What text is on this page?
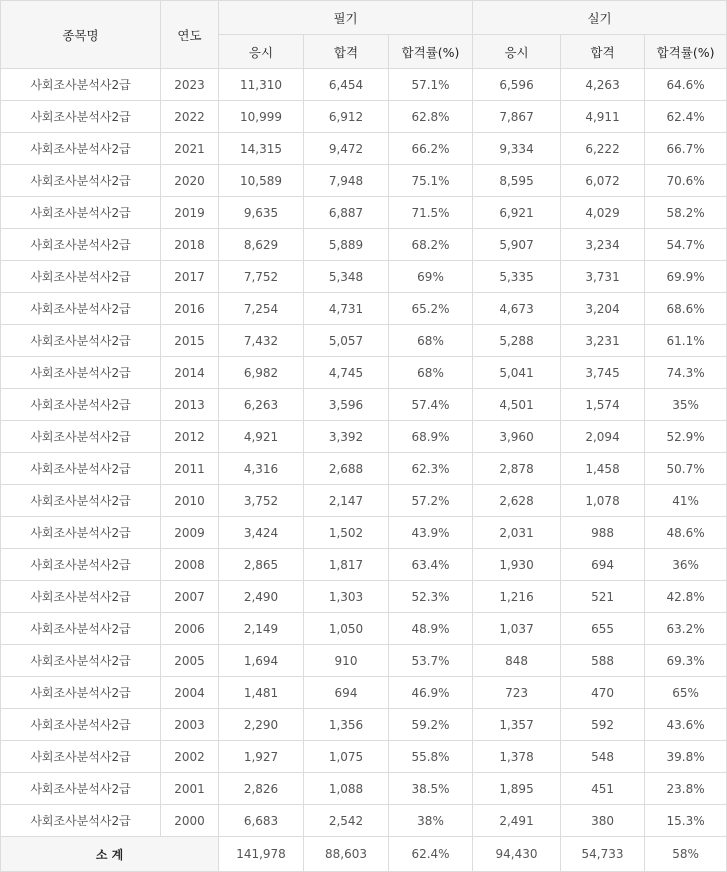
종목명	연도	필기			실기		
		응시	합격	합격률(%)	응시	합격	합격률(%)
사회조사분석사2급	2023	11,310	6,454	57.1%	6,596	4,263	64.6%
사회조사분석사2급	2022	10,999	6,912	62.8%	7,867	4,911	62.4%
사회조사분석사2급	2021	14,315	9,472	66.2%	9,334	6,222	66.7%
사회조사분석사2급	2020	10,589	7,948	75.1%	8,595	6,072	70.6%
사회조사분석사2급	2019	9,635	6,887	71.5%	6,921	4,029	58.2%
사회조사분석사2급	2018	8,629	5,889	68.2%	5,907	3,234	54.7%
사회조사분석사2급	2017	7,752	5,348	69%	5,335	3,731	69.9%
사회조사분석사2급	2016	7,254	4,731	65.2%	4,673	3,204	68.6%
사회조사분석사2급	2015	7,432	5,057	68%	5,288	3,231	61.1%
사회조사분석사2급	2014	6,982	4,745	68%	5,041	3,745	74.3%
사회조사분석사2급	2013	6,263	3,596	57.4%	4,501	1,574	35%
사회조사분석사2급	2012	4,921	3,392	68.9%	3,960	2,094	52.9%
사회조사분석사2급	2011	4,316	2,688	62.3%	2,878	1,458	50.7%
사회조사분석사2급	2010	3,752	2,147	57.2%	2,628	1,078	41%
사회조사분석사2급	2009	3,424	1,502	43.9%	2,031	988	48.6%
사회조사분석사2급	2008	2,865	1,817	63.4%	1,930	694	36%
사회조사분석사2급	2007	2,490	1,303	52.3%	1,216	521	42.8%
사회조사분석사2급	2006	2,149	1,050	48.9%	1,037	655	63.2%
사회조사분석사2급	2005	1,694	910	53.7%	848	588	69.3%
사회조사분석사2급	2004	1,481	694	46.9%	723	470	65%
사회조사분석사2급	2003	2,290	1,356	59.2%	1,357	592	43.6%
사회조사분석사2급	2002	1,927	1,075	55.8%	1,378	548	39.8%
사회조사분석사2급	2001	2,826	1,088	38.5%	1,895	451	23.8%
사회조사분석사2급	2000	6,683	2,542	38%	2,491	380	15.3%
소 계		141,978	88,603	62.4%	94,430	54,733	58%
